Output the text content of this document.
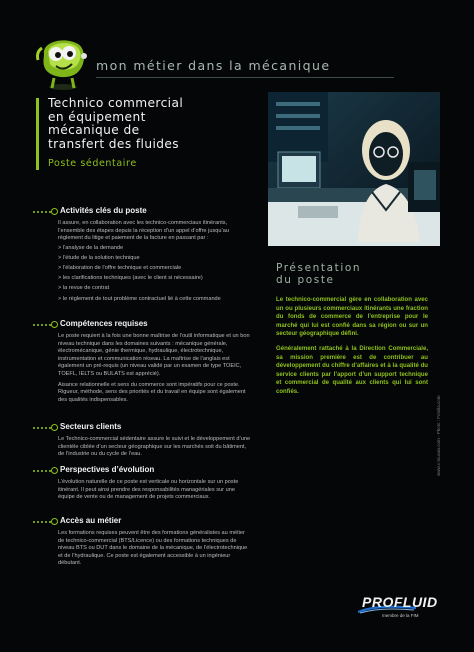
mon métier dans la mécanique
Technico commercial
en équipement
mécanique de
transfert des fluides
Poste sédentaire
Présentation
du poste

Le technico-commercial gère en collaboration avec un ou plusieurs commerciaux itinérants une fraction du fonds de commerce de l’entreprise pour le marché qui lui est confié dans sa région ou sur un secteur géographique défini.

Généralement rattaché à la Direction Commerciale, sa mission première est de contribuer au développement du chiffre d’affaires et à la qualité du service clients par l’apport d’un support technique et commercial de qualité aux clients qui lui sont confiés.

Activités clés du poste

Il assure, en collaboration avec les technico-commerciaux itinérants, l’ensemble des étapes depuis la réception d’un appel d’offre jusqu’au règlement du litige et paiement de la facture en passant par :

> l’analyse de la demande
> l’étude de la solution technique
> l’élaboration de l’offre technique et commerciale
> les clarifications techniques (avec le client si nécessaire)
> la revue de contrat
> le règlement de tout problème contractuel lié à cette commande
Compétences requises

Le poste requiert à la fois une bonne maîtrise de l’outil informatique et un bon niveau technique dans les domaines suivants : mécanique générale, électromécanique, génie thermique, hydraulique, électrotechnique, instrumentation et communication réseau. La maîtrise de l’anglais est également un pré-requis (un niveau validé par un examen de type TOEIC, TOEFL, IELTS ou BULATS est apprécié).

Aisance relationnelle et sens du commerce sont impératifs pour ce poste. Rigueur, méthode, sens des priorités et du travail en équipe sont également des qualités indispensables.

Secteurs clients

Le Technico-commercial sédentaire assure le suivi et le développement d’une clientèle ciblée d’un secteur géographique sur les marchés soit du bâtiment, de l’industrie ou du cycle de l’eau.

Perspectives d’évolution

L’évolution naturelle de ce poste est verticale ou horizontale sur un poste itinérant. Il peut ainsi prendre des responsabilités managériales sur une équipe de vente ou de management de projets commerciaux.

Accès au métier

Les formations requises peuvent être des formations généralistes au métier de technico-commercial (BTS/Licence) ou des formations techniques de niveau BTS ou DUT dans le domaine de la mécanique, de l’électrotechnique et de l’hydraulique. Ce poste est également accessible à un ingénieur débutant.

www.c-toucan.com - Photo : Fotolia.com
PROFLUID
membre de la FIM
